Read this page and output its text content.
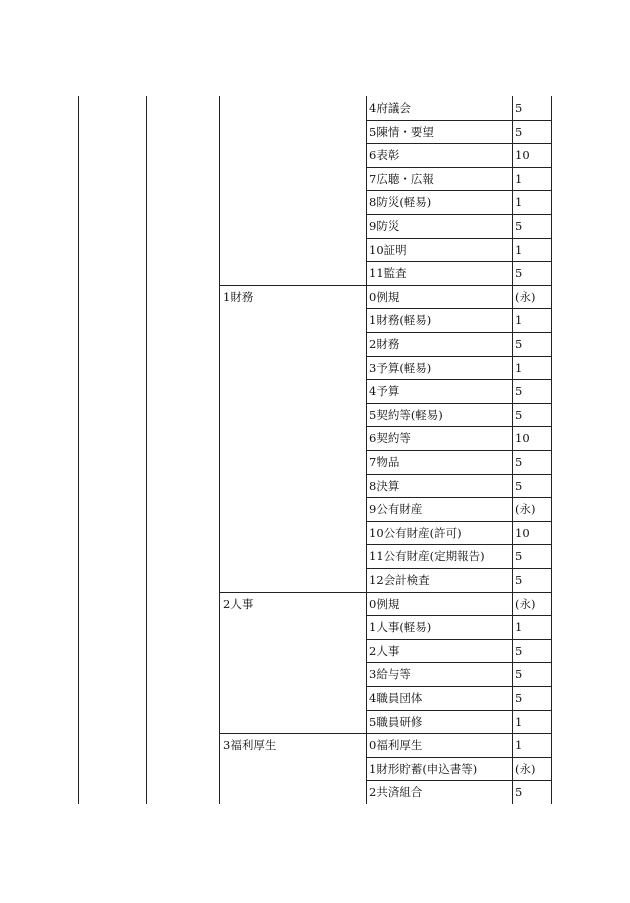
4府議会	5
5陳情・要望	5
6表彰	10
7広聴・広報	1
8防災(軽易)	1
9防災	5
10証明	1
11監査	5
1財務	0例規	(永)
1財務(軽易)	1
2財務	5
3予算(軽易)	1
4予算	5
5契約等(軽易)	5
6契約等	10
7物品	5
8決算	5
9公有財産	(永)
10公有財産(許可)	10
11公有財産(定期報告)	5
12会計検査	5
2人事	0例規	(永)
1人事(軽易)	1
2人事	5
3給与等	5
4職員団体	5
5職員研修	1
3福利厚生	0福利厚生	1
1財形貯蓄(申込書等)	(永)
2共済組合	5
